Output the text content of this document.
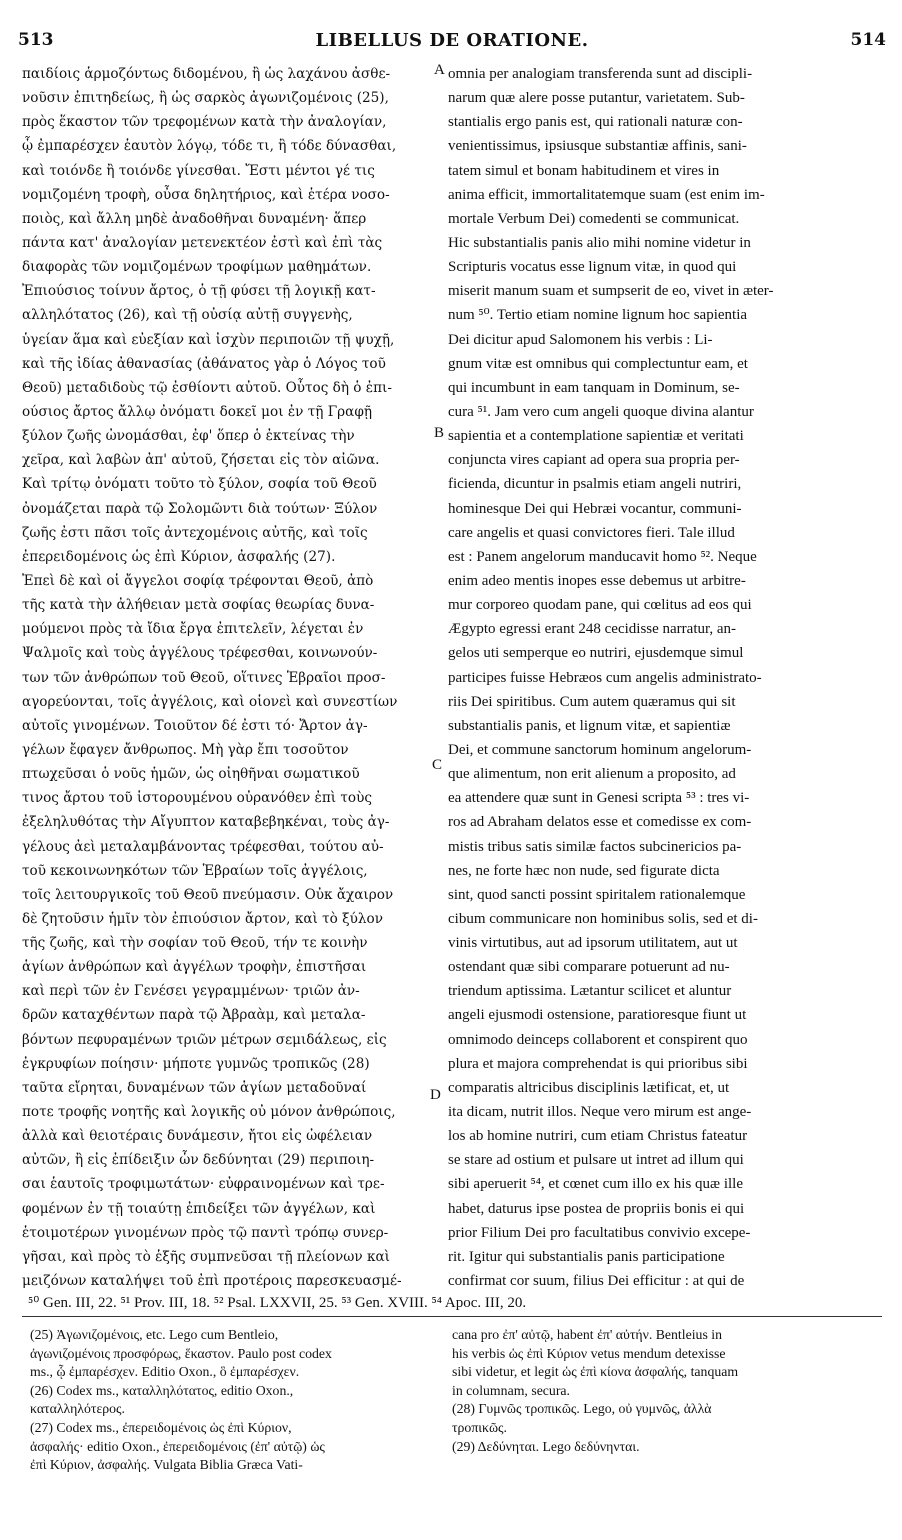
513	LIBELLUS DE ORATIONE.	514
παιδίοις ἁρμοζόντως διδομένου, ἢ ὡς λαχάνου ἀσθε-
νοῦσιν ἐπιτηδείως, ἢ ὡς σαρκὸς ἀγωνιζομένοις (25),
πρὸς ἕκαστον τῶν τρεφομένων κατὰ τὴν ἀναλογίαν,
ᾧ ἐμπαρέσχεν ἑαυτὸν λόγῳ, τόδε τι, ἢ τόδε δύνασθαι,
καὶ τοιόνδε ἢ τοιόνδε γίνεσθαι. Ἔστι μέντοι γέ τις
νομιζομένη τροφὴ, οὖσα δηλητήριος, καὶ ἑτέρα νοσο-
ποιὸς, καὶ ἄλλη μηδὲ ἀναδοθῆναι δυναμένη· ἅπερ
πάντα κατ' ἀναλογίαν μετενεκτέον ἐστὶ καὶ ἐπὶ τὰς
διαφορὰς τῶν νομιζομένων τροφίμων μαθημάτων.
Ἐπιούσιος τοίνυν ἄρτος, ὁ τῇ φύσει τῇ λογικῇ κατ-
αλληλότατος (26), καὶ τῇ οὐσίᾳ αὐτῇ συγγενὴς,
ὑγείαν ἅμα καὶ εὐεξίαν καὶ ἰσχὺν περιποιῶν τῇ ψυχῇ,
καὶ τῆς ἰδίας ἀθανασίας (ἀθάνατος γὰρ ὁ Λόγος τοῦ
Θεοῦ) μεταδιδοὺς τῷ ἐσθίοντι αὐτοῦ. Οὗτος δὴ ὁ ἐπι-
ούσιος ἄρτος ἄλλῳ ὀνόματι δοκεῖ μοι ἐν τῇ Γραφῇ
ξύλον ζωῆς ὠνομάσθαι, ἐφ' ὅπερ ὁ ἐκτείνας τὴν
χεῖρα, καὶ λαβὼν ἀπ' αὐτοῦ, ζήσεται εἰς τὸν αἰῶνα.
Καὶ τρίτῳ ὀνόματι τοῦτο τὸ ξύλον, σοφία τοῦ Θεοῦ
ὀνομάζεται παρὰ τῷ Σολομῶντι διὰ τούτων· Ξύλον
ζωῆς ἐστι πᾶσι τοῖς ἀντεχομένοις αὐτῆς, καὶ τοῖς
ἐπερειδομένοις ὡς ἐπὶ Κύριον, ἀσφαλής (27).
Ἐπεὶ δὲ καὶ οἱ ἄγγελοι σοφίᾳ τρέφονται Θεοῦ, ἀπὸ
τῆς κατὰ τὴν ἀλήθειαν μετὰ σοφίας θεωρίας δυνα-
μούμενοι πρὸς τὰ ἴδια ἔργα ἐπιτελεῖν, λέγεται ἐν
Ψαλμοῖς καὶ τοὺς ἀγγέλους τρέφεσθαι, κοινωνούν-
των τῶν ἀνθρώπων τοῦ Θεοῦ, οἵτινες Ἑβραῖοι προσ-
αγορεύονται, τοῖς ἀγγέλοις, καὶ οἱονεὶ καὶ συνεστίων
αὐτοῖς γινομένων. Τοιοῦτον δέ ἐστι τό· Ἄρτον ἀγ-
γέλων ἔφαγεν ἄνθρωπος. Μὴ γὰρ ἔπι τοσοῦτον
πτωχεῦσαι ὁ νοῦς ἡμῶν, ὡς οἰηθῆναι σωματικοῦ
τινος ἄρτου τοῦ ἱστορουμένου οὐρανόθεν ἐπὶ τοὺς
ἐξεληλυθότας τὴν Αἴγυπτον καταβεβηκέναι, τοὺς ἀγ-
γέλους ἀεὶ μεταλαμβάνοντας τρέφεσθαι, τούτου αὐ-
τοῦ κεκοινωνηκότων τῶν Ἑβραίων τοῖς ἀγγέλοις,
τοῖς λειτουργικοῖς τοῦ Θεοῦ πνεύμασιν. Οὐκ ἄχαιρον
δὲ ζητοῦσιν ἡμῖν τὸν ἐπιούσιον ἄρτον, καὶ τὸ ξύλον
τῆς ζωῆς, καὶ τὴν σοφίαν τοῦ Θεοῦ, τήν τε κοινὴν
ἁγίων ἀνθρώπων καὶ ἀγγέλων τροφὴν, ἐπιστῆσαι
καὶ περὶ τῶν ἐν Γενέσει γεγραμμένων· τριῶν ἀν-
δρῶν καταχθέντων παρὰ τῷ Ἀβραὰμ, καὶ μεταλα-
βόντων πεφυραμένων τριῶν μέτρων σεμιδάλεως, εἰς
ἐγκρυφίων ποίησιν· μήποτε γυμνῶς τροπικῶς (28)
ταῦτα εἴρηται, δυναμένων τῶν ἁγίων μεταδοῦναί
ποτε τροφῆς νοητῆς καὶ λογικῆς οὐ μόνον ἀνθρώποις,
ἀλλὰ καὶ θειοτέραις δυνάμεσιν, ἤτοι εἰς ὠφέλειαν
αὐτῶν, ἢ εἰς ἐπίδειξιν ὧν δεδύνηται (29) περιποιη-
σαι ἑαυτοῖς τροφιμωτάτων· εὐφραινομένων καὶ τρε-
φομένων ἐν τῇ τοιαύτῃ ἐπιδείξει τῶν ἀγγέλων, καὶ
ἑτοιμοτέρων γινομένων πρὸς τῷ παντὶ τρόπῳ συνερ-
γῆσαι, καὶ πρὸς τὸ ἑξῆς συμπνεῦσαι τῇ πλείονων καὶ
μειζόνων καταλήψει τοῦ ἐπὶ προτέροις παρεσκευασμέ-
A
B
C
D
omnia per analogiam transferenda sunt ad discipli-
narum quæ alere posse putantur, varietatem. Sub-
stantialis ergo panis est, qui rationali naturæ con-
venientissimus, ipsiusque substantiæ affinis, sani-
tatem simul et bonam habitudinem et vires in
anima efficit, immortalitatemque suam (est enim im-
mortale Verbum Dei) comedenti se communicat.
Hic substantialis panis alio mihi nomine videtur in
Scripturis vocatus esse lignum vitæ, in quod qui
miserit manum suam et sumpserit de eo, vivet in æter-
num ⁵⁰. Tertio etiam nomine lignum hoc sapientia
Dei dicitur apud Salomonem his verbis : Li-
gnum vitæ est omnibus qui complectuntur eam, et
qui incumbunt in eam tanquam in Dominum, se-
cura ⁵¹. Jam vero cum angeli quoque divina alantur
sapientia et a contemplatione sapientiæ et veritati
conjuncta vires capiant ad opera sua propria per-
ficienda, dicuntur in psalmis etiam angeli nutriri,
hominesque Dei qui Hebræi vocantur, communi-
care angelis et quasi convictores fieri. Tale illud
est : Panem angelorum manducavit homo ⁵². Neque
enim adeo mentis inopes esse debemus ut arbitre-
mur corporeo quodam pane, qui cœlitus ad eos qui
Ægypto egressi erant 248 cecidisse narratur, an-
gelos uti semperque eo nutriri, ejusdemque simul
participes fuisse Hebræos cum angelis administrato-
riis Dei spiritibus. Cum autem quæramus qui sit
substantialis panis, et lignum vitæ, et sapientiæ
Dei, et commune sanctorum hominum angelorum-
que alimentum, non erit alienum a proposito, ad
ea attendere quæ sunt in Genesi scripta ⁵³ : tres vi-
ros ad Abraham delatos esse et comedisse ex com-
mistis tribus satis similæ factos subcinericios pa-
nes, ne forte hæc non nude, sed figurate dicta
sint, quod sancti possint spiritalem rationalemque
cibum communicare non hominibus solis, sed et di-
vinis virtutibus, aut ad ipsorum utilitatem, aut ut
ostendant quæ sibi comparare potuerunt ad nu-
triendum aptissima. Lætantur scilicet et aluntur
angeli ejusmodi ostensione, paratioresque fiunt ut
omnimodo deinceps collaborent et conspirent quo
plura et majora comprehendat is qui prioribus sibi
comparatis altricibus disciplinis lætificat, et, ut
ita dicam, nutrit illos. Neque vero mirum est ange-
los ab homine nutriri, cum etiam Christus fateatur
se stare ad ostium et pulsare ut intret ad illum qui
sibi aperuerit ⁵⁴, et cœnet cum illo ex his quæ ille
habet, daturus ipse postea de propriis bonis ei qui
prior Filium Dei pro facultatibus convivio excepe-
rit. Igitur qui substantialis panis participatione
confirmat cor suum, filius Dei efficitur : at qui de
⁵⁰ Gen. III, 22. ⁵¹ Prov. III, 18. ⁵² Psal. LXXVII, 25. ⁵³ Gen. XVIII. ⁵⁴ Apoc. III, 20.
(25) Ἀγωνιζομένοις, etc. Lego cum Bentleio,
ἀγωνιζομένοις προσφόρως, ἕκαστον. Paulo post codex
ms., ᾧ ἐμπαρέσχεν. Editio Oxon., ὃ ἐμπαρέσχεν.
(26) Codex ms., καταλληλότατος, editio Oxon.,
καταλληλότερος.
(27) Codex ms., ἐπερειδομένοις ὡς ἐπὶ Κύριον,
ἀσφαλής· editio Oxon., ἐπερειδομένοις (ἐπ' αὐτῷ) ὡς
ἐπὶ Κύριον, ἀσφαλής. Vulgata Biblia Græca Vati-
cana pro ἐπ' αὐτῷ, habent ἐπ' αὐτήν. Bentleius in
his verbis ὡς ἐπὶ Κύριον vetus mendum detexisse
sibi videtur, et legit ὡς ἐπὶ κίονα ἀσφαλής, tanquam
in columnam, secura.
(28) Γυμνῶς τροπικῶς. Lego, οὐ γυμνῶς, ἀλλὰ
τροπικῶς.
(29) Δεδύνηται. Lego δεδύνηνται.
